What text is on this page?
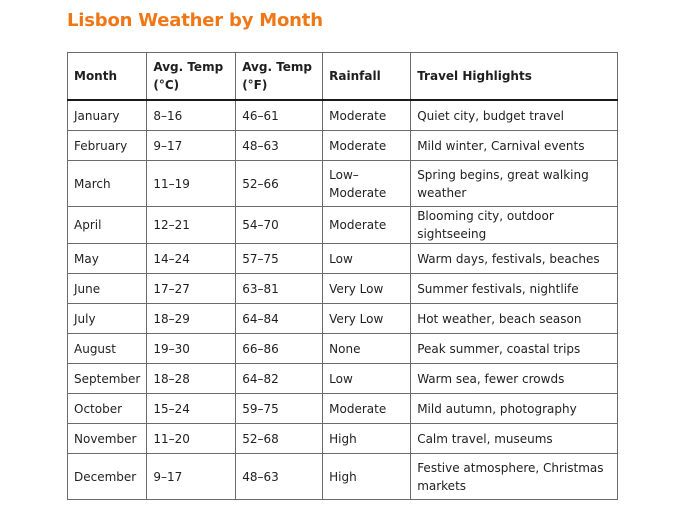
Lisbon Weather by Month
Month	Avg. Temp (°C)	Avg. Temp (°F)	Rainfall	Travel Highlights
January	8–16	46–61	Moderate	Quiet city, budget travel
February	9–17	48–63	Moderate	Mild winter, Carnival events
March	11–19	52–66	Low–Moderate	Spring begins, great walking weather
April	12–21	54–70	Moderate	Blooming city, outdoor sightseeing
May	14–24	57–75	Low	Warm days, festivals, beaches
June	17–27	63–81	Very Low	Summer festivals, nightlife
July	18–29	64–84	Very Low	Hot weather, beach season
August	19–30	66–86	None	Peak summer, coastal trips
September	18–28	64–82	Low	Warm sea, fewer crowds
October	15–24	59–75	Moderate	Mild autumn, photography
November	11–20	52–68	High	Calm travel, museums
December	9–17	48–63	High	Festive atmosphere, Christmas markets
